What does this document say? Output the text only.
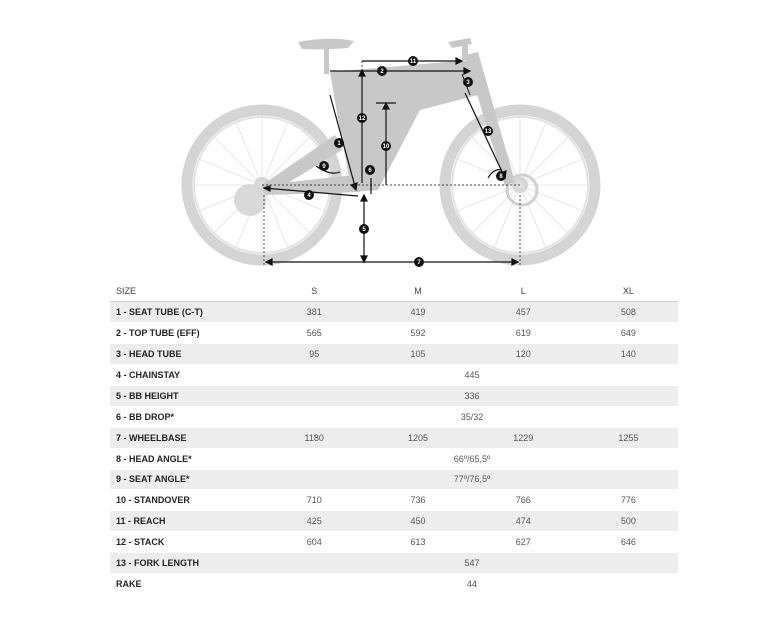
1
2
3
4
5
6
7
8
9
10
11
12
13
SIZE	S	M	L	XL
1 - SEAT TUBE (C-T)	381	419	457	508
2 - TOP TUBE (EFF)	565	592	619	649
3 - HEAD TUBE	95	105	120	140
4 - CHAINSTAY	445			
5 - BB HEIGHT	336			
6 - BB DROP*	35/32			
7 - WHEELBASE	1180	1205	1229	1255
8 - HEAD ANGLE*	66º/65,5º			
9 - SEAT ANGLE*	77º/76,5º			
10 - STANDOVER	710	736	766	776
11 - REACH	425	450	474	500
12 - STACK	604	613	627	646
13 - FORK LENGTH	547			
RAKE	44			
